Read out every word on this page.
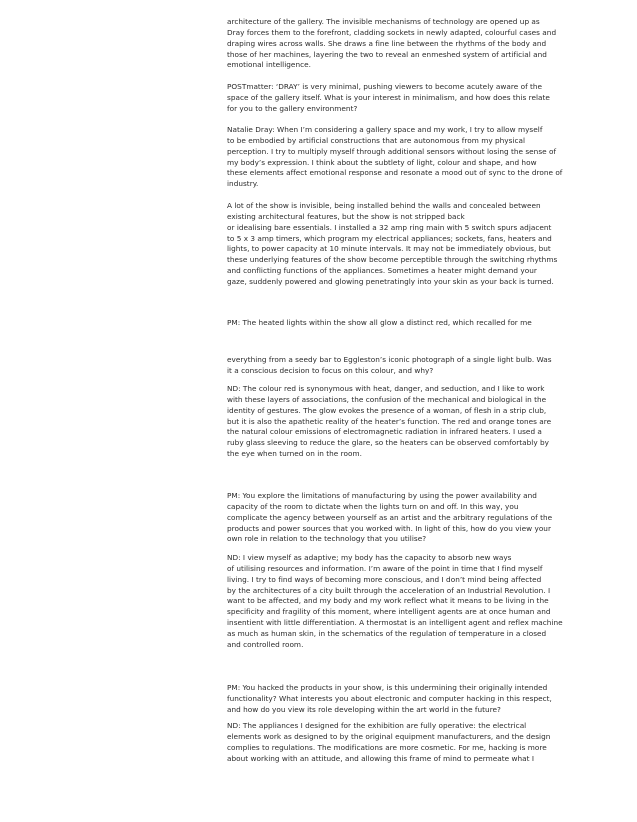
architecture of the gallery. The invisible mechanisms of technology are opened up as
Dray forces them to the forefront, cladding sockets in newly adapted, colourful cases and
draping wires across walls. She draws a fine line between the rhythms of the body and
those of her machines, layering the two to reveal an enmeshed system of artificial and
emotional intelligence.

POSTmatter: ‘DRAY’ is very minimal, pushing viewers to become acutely aware of the
space of the gallery itself. What is your interest in minimalism, and how does this relate
for you to the gallery environment?

Natalie Dray: When I’m considering a gallery space and my work, I try to allow myself
to be embodied by artificial constructions that are autonomous from my physical
perception. I try to multiply myself through additional sensors without losing the sense of
my body’s expression. I think about the subtlety of light, colour and shape, and how
these elements affect emotional response and resonate a mood out of sync to the drone of
industry.

A lot of the show is invisible, being installed behind the walls and concealed between
existing architectural features, but the show is not stripped back
or idealising bare essentials. I installed a 32 amp ring main with 5 switch spurs adjacent
to 5 x 3 amp timers, which program my electrical appliances; sockets, fans, heaters and
lights, to power capacity at 10 minute intervals. It may not be immediately obvious, but
these underlying features of the show become perceptible through the switching rhythms
and conflicting functions of the appliances. Sometimes a heater might demand your
gaze, suddenly powered and glowing penetratingly into your skin as your back is turned.

PM: The heated lights within the show all glow a distinct red, which recalled for me

everything from a seedy bar to Eggleston’s iconic photograph of a single light bulb. Was
it a conscious decision to focus on this colour, and why?

ND: The colour red is synonymous with heat, danger, and seduction, and I like to work
with these layers of associations, the confusion of the mechanical and biological in the
identity of gestures. The glow evokes the presence of a woman, of flesh in a strip club,
but it is also the apathetic reality of the heater’s function. The red and orange tones are
the natural colour emissions of electromagnetic radiation in infrared heaters. I used a
ruby glass sleeving to reduce the glare, so the heaters can be observed comfortably by
the eye when turned on in the room.

PM: You explore the limitations of manufacturing by using the power availability and
capacity of the room to dictate when the lights turn on and off. In this way, you
complicate the agency between yourself as an artist and the arbitrary regulations of the
products and power sources that you worked with. In light of this, how do you view your
own role in relation to the technology that you utilise?

ND: I view myself as adaptive; my body has the capacity to absorb new ways
of utilising resources and information. I’m aware of the point in time that I find myself
living. I try to find ways of becoming more conscious, and I don’t mind being affected
by the architectures of a city built through the acceleration of an Industrial Revolution. I
want to be affected, and my body and my work reflect what it means to be living in the
specificity and fragility of this moment, where intelligent agents are at once human and
insentient with little differentiation. A thermostat is an intelligent agent and reflex machine
as much as human skin, in the schematics of the regulation of temperature in a closed
and controlled room.

PM: You hacked the products in your show, is this undermining their originally intended
functionality? What interests you about electronic and computer hacking in this respect,
and how do you view its role developing within the art world in the future?

ND: The appliances I designed for the exhibition are fully operative: the electrical
elements work as designed to by the original equipment manufacturers, and the design
complies to regulations. The modifications are more cosmetic. For me, hacking is more
about working with an attitude, and allowing this frame of mind to permeate what I
